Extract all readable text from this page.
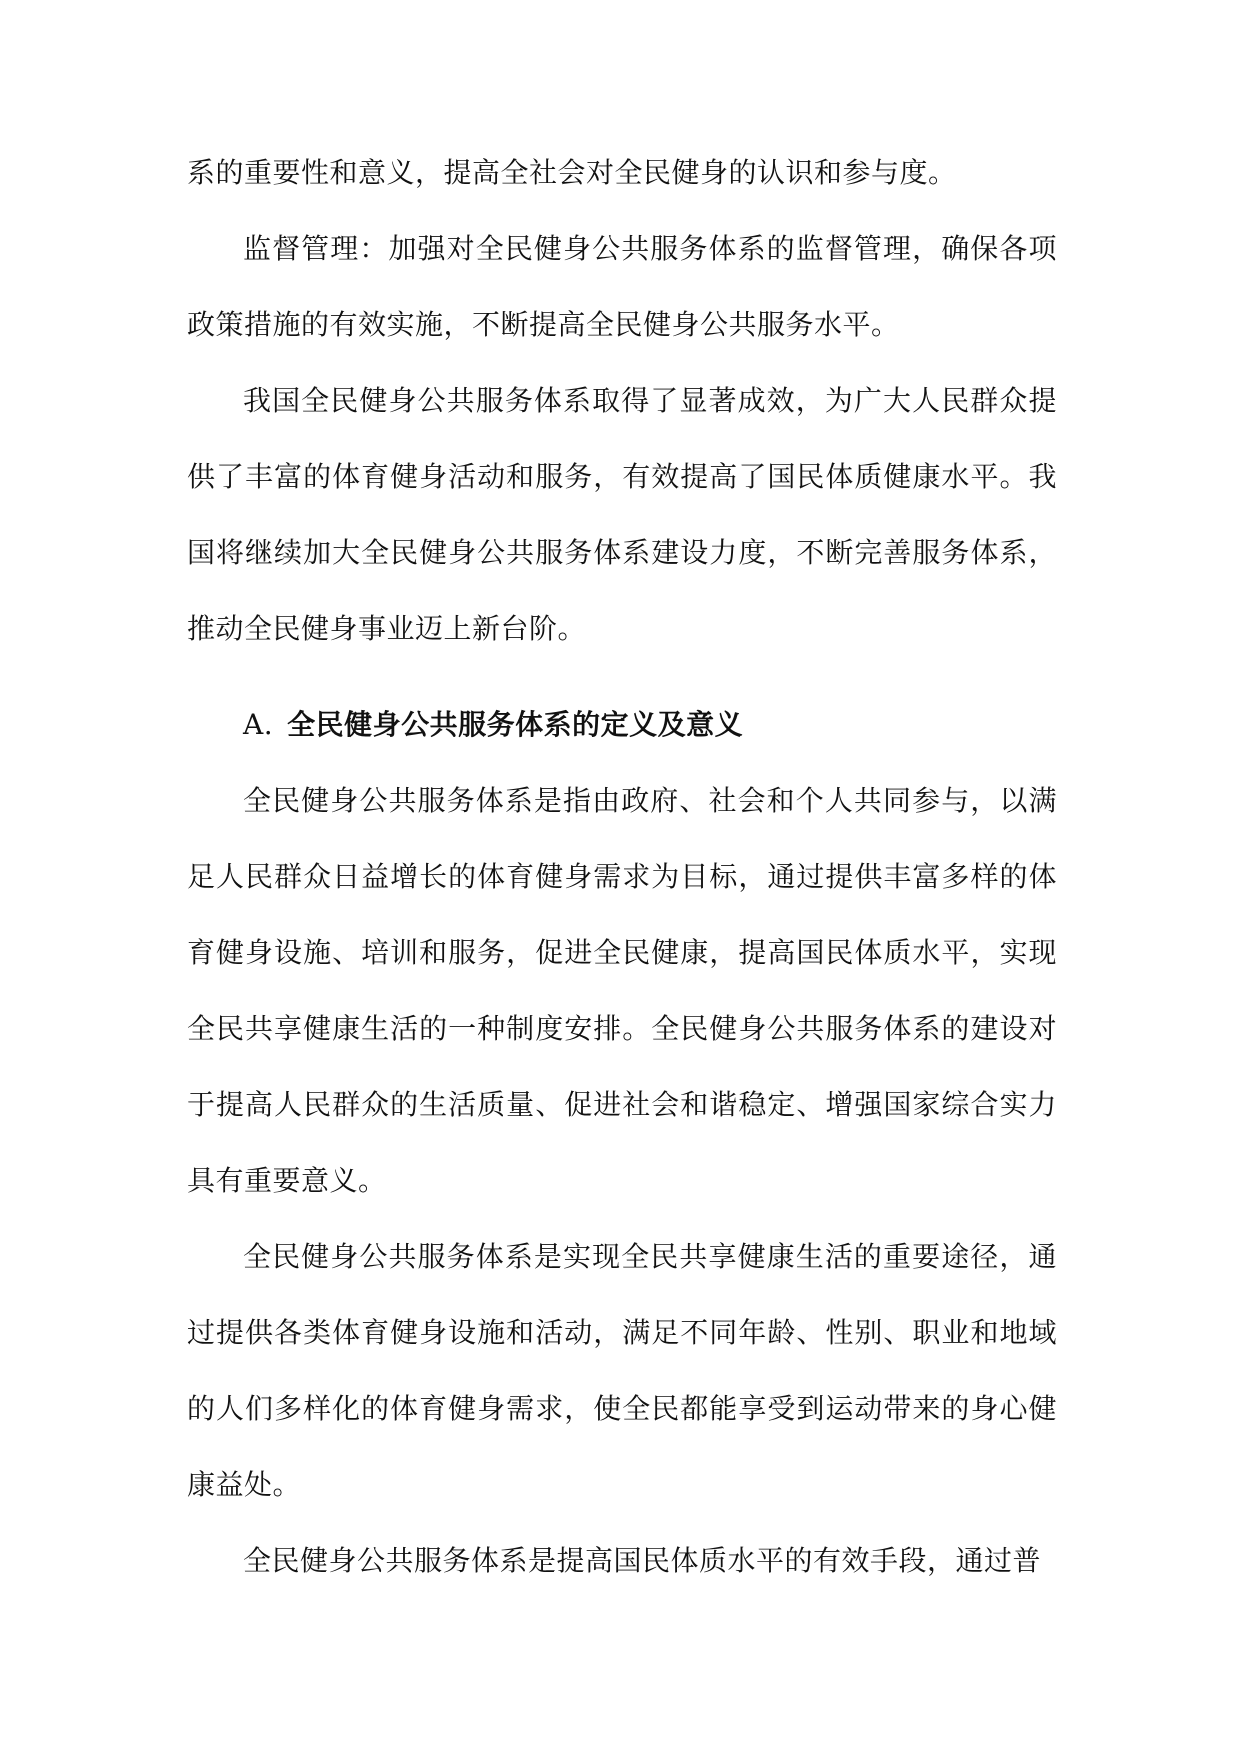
系的重要性和意义，提高全社会对全民健身的认识和参与度。

监督管理：加强对全民健身公共服务体系的监督管理，确保各项政策措施的有效实施，不断提高全民健身公共服务水平。

我国全民健身公共服务体系取得了显著成效，为广大人民群众提供了丰富的体育健身活动和服务，有效提高了国民体质健康水平。我国将继续加大全民健身公共服务体系建设力度，不断完善服务体系，推动全民健身事业迈上新台阶。

A. 全民健身公共服务体系的定义及意义

全民健身公共服务体系是指由政府、社会和个人共同参与，以满足人民群众日益增长的体育健身需求为目标，通过提供丰富多样的体育健身设施、培训和服务，促进全民健康，提高国民体质水平，实现全民共享健康生活的一种制度安排。全民健身公共服务体系的建设对于提高人民群众的生活质量、促进社会和谐稳定、增强国家综合实力具有重要意义。

全民健身公共服务体系是实现全民共享健康生活的重要途径，通过提供各类体育健身设施和活动，满足不同年龄、性别、职业和地域的人们多样化的体育健身需求，使全民都能享受到运动带来的身心健康益处。

全民健身公共服务体系是提高国民体质水平的有效手段，通过普
